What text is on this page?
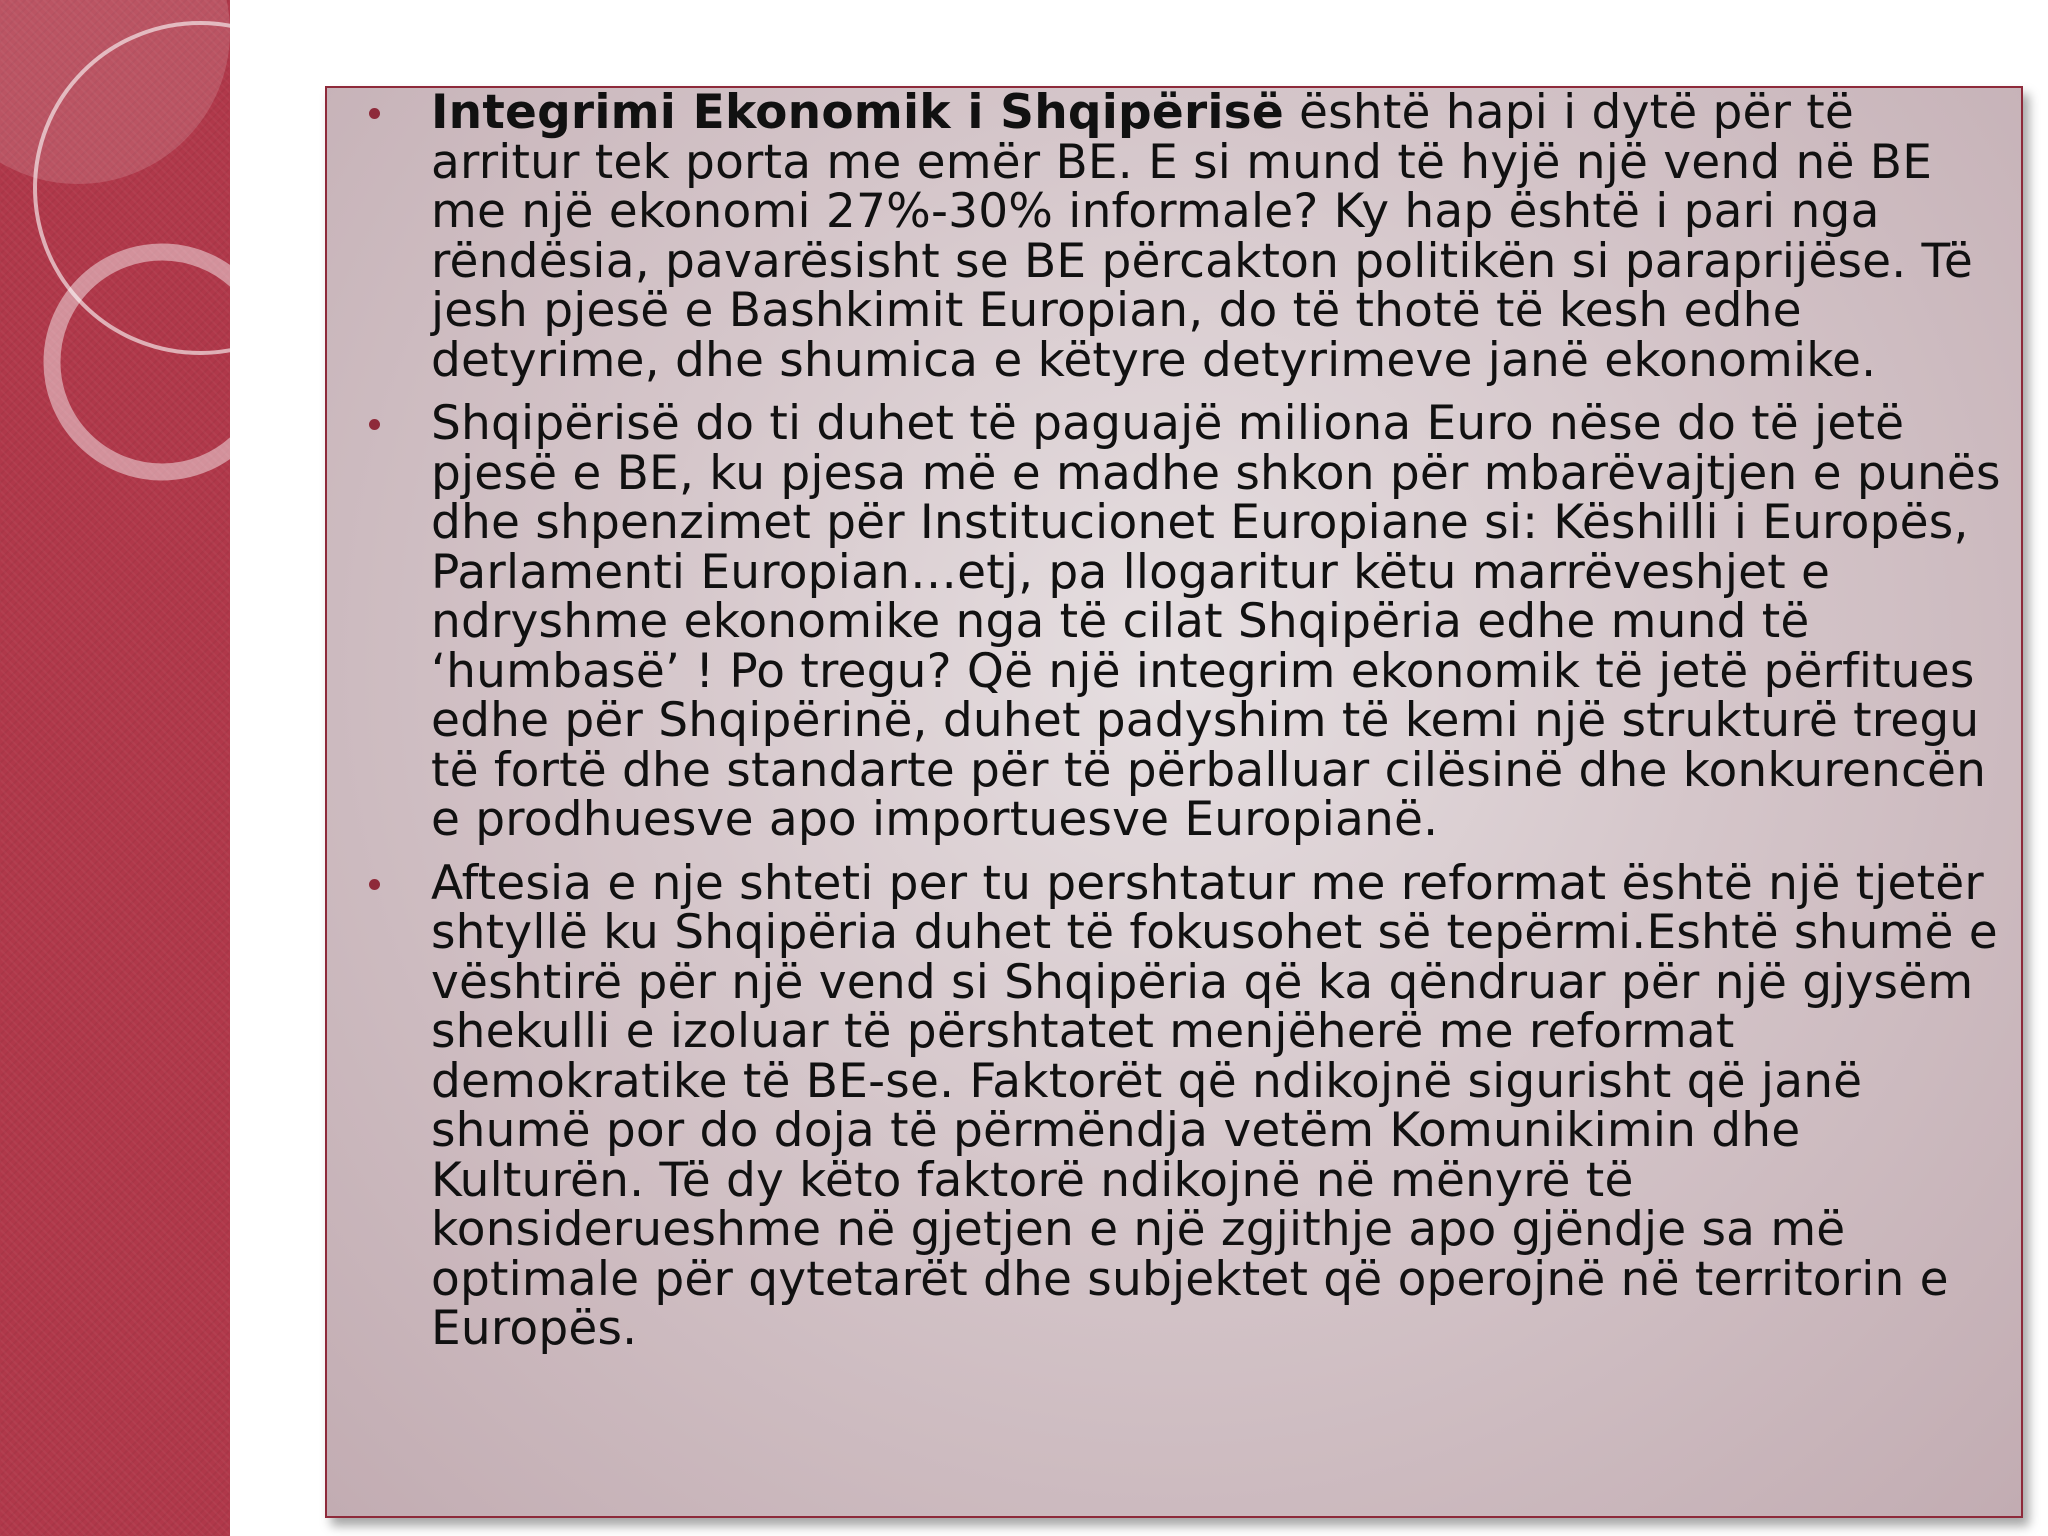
Integrimi Ekonomik i Shqipërisë është hapi i dytë për të arritur tek porta me emër BE. E si mund të hyjë një vend në BE me një ekonomi 27%-30% informale? Ky hap është i pari nga rëndësia, pavarësisht se BE përcakton politikën si paraprijëse. Të jesh pjesë e Bashkimit Europian, do të thotë të kesh edhe detyrime, dhe shumica e këtyre detyrimeve janë ekonomike.
Shqipërisë do ti duhet të paguajë miliona Euro nëse do të jetë pjesë e BE, ku pjesa më e madhe shkon për mbarëvajtjen e punës dhe shpenzimet për Institucionet Europiane si: Këshilli i Europës, Parlamenti Europian…etj, pa llogaritur këtu marrëveshjet e ndryshme ekonomike nga të cilat Shqipëria edhe mund të ‘humbasë’ ! Po tregu? Që një integrim ekonomik të jetë përfitues edhe për Shqipërinë, duhet padyshim të kemi një strukturë tregu të fortë dhe standarte për të përballuar cilësinë dhe konkurencën e prodhuesve apo importuesve Europianë.
Aftesia e nje shteti per tu pershtatur me reformat është një tjetër shtyllë ku Shqipëria duhet të fokusohet së tepërmi.Eshtë shumë e vështirë për një vend si Shqipëria që ka qëndruar për një gjysëm shekulli e izoluar të përshtatet menjëherë me reformat demokratike të BE-se. Faktorët që ndikojnë sigurisht që janë shumë por do doja të përmëndja vetëm Komunikimin dhe Kulturën. Të dy këto faktorë ndikojnë në mënyrë të konsiderueshme në gjetjen e një zgjithje apo gjëndje sa më optimale për qytetarët dhe subjektet që operojnë në territorin e Europës.
